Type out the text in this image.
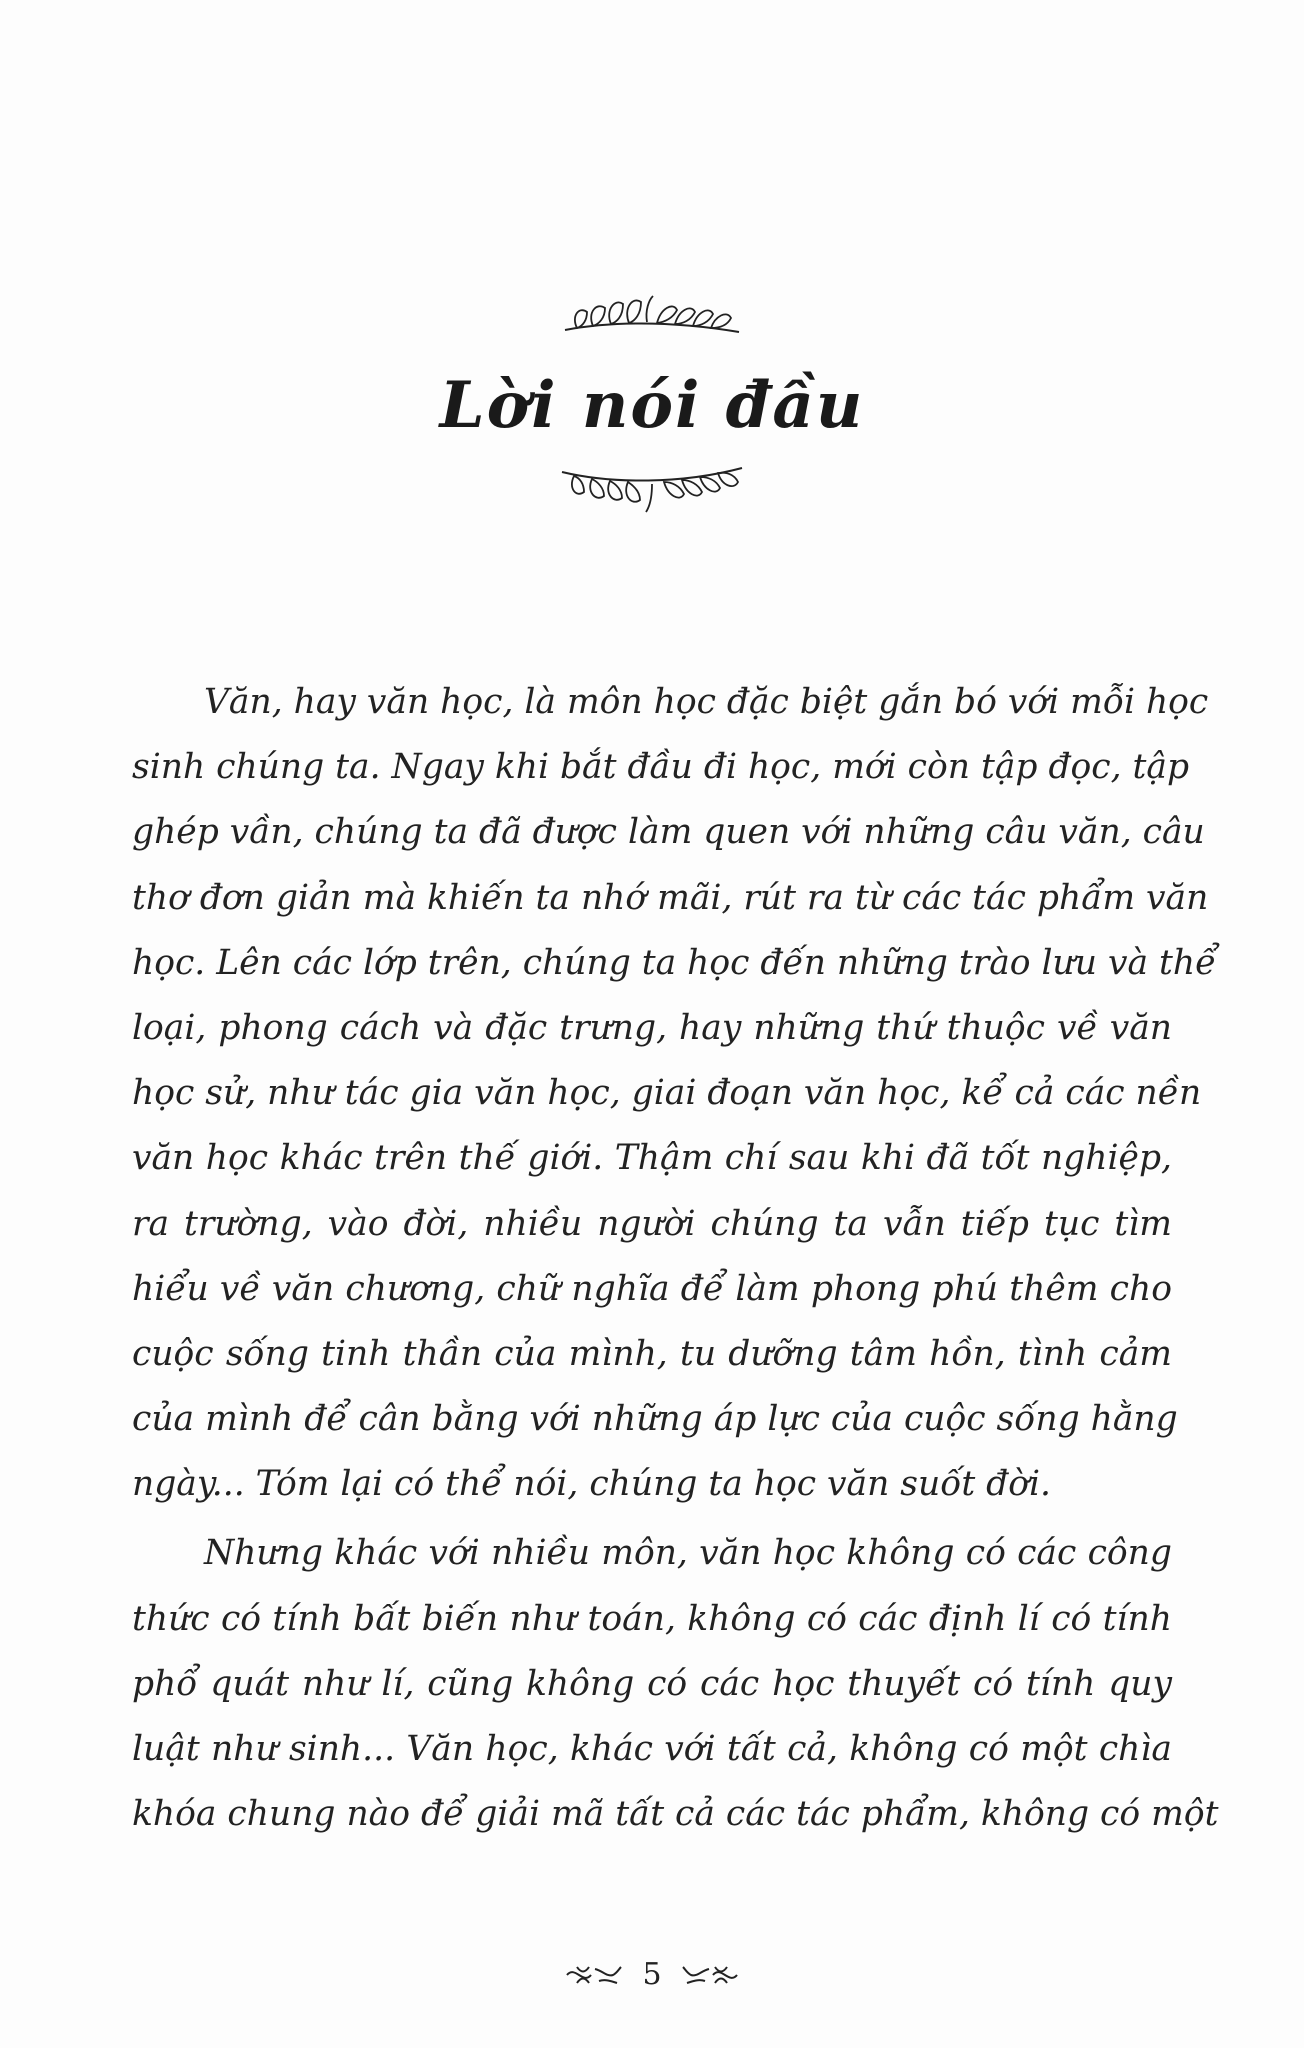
Lời nói đầu
Văn, hay văn học, là môn học đặc biệt gắn bó với mỗi học
sinh chúng ta. Ngay khi bắt đầu đi học, mới còn tập đọc, tập
ghép vần, chúng ta đã được làm quen với những câu văn, câu
thơ đơn giản mà khiến ta nhớ mãi, rút ra từ các tác phẩm văn
học. Lên các lớp trên, chúng ta học đến những trào lưu và thể
loại, phong cách và đặc trưng, hay những thứ thuộc về văn
học sử, như tác gia văn học, giai đoạn văn học, kể cả các nền
văn học khác trên thế giới. Thậm chí sau khi đã tốt nghiệp,
ra trường, vào đời, nhiều người chúng ta vẫn tiếp tục tìm
hiểu về văn chương, chữ nghĩa để làm phong phú thêm cho
cuộc sống tinh thần của mình, tu dưỡng tâm hồn, tình cảm
của mình để cân bằng với những áp lực của cuộc sống hằng
ngày... Tóm lại có thể nói, chúng ta học văn suốt đời.
Nhưng khác với nhiều môn, văn học không có các công
thức có tính bất biến như toán, không có các định lí có tính
phổ quát như lí, cũng không có các học thuyết có tính quy
luật như sinh... Văn học, khác với tất cả, không có một chìa
khóa chung nào để giải mã tất cả các tác phẩm, không có một
5
